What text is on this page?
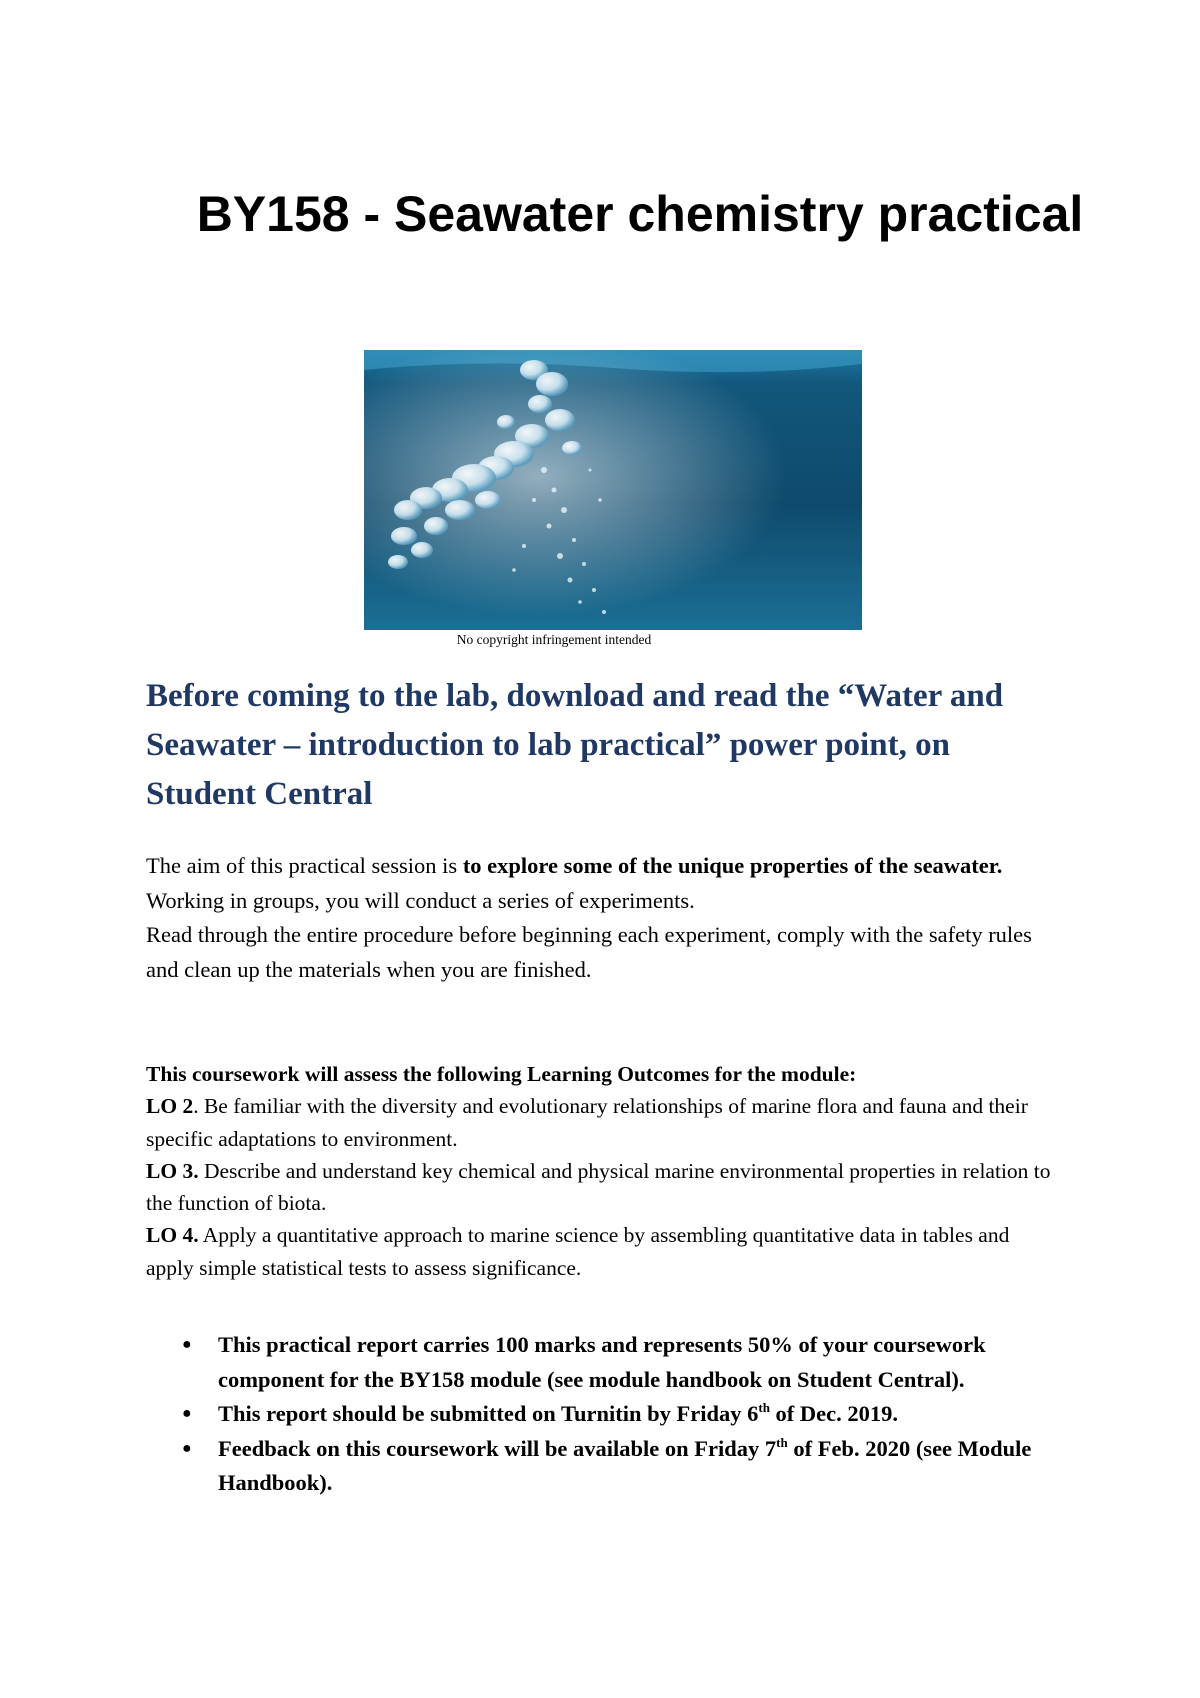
BY158 - Seawater chemistry practical
No copyright infringement intended
Before coming to the lab, download and read the “Water and Seawater – introduction to lab practical” power point, on Student Central

The aim of this practical session is to explore some of the unique properties of the seawater.
Working in groups, you will conduct a series of experiments.
Read through the entire procedure before beginning each experiment, comply with the safety rules and clean up the materials when you are finished.

This coursework will assess the following Learning Outcomes for the module:
LO 2. Be familiar with the diversity and evolutionary relationships of marine flora and fauna and their specific adaptations to environment.
LO 3. Describe and understand key chemical and physical marine environmental properties in relation to the function of biota.
LO 4. Apply a quantitative approach to marine science by assembling quantitative data in tables and apply simple statistical tests to assess significance.
● This practical report carries 100 marks and represents 50% of your coursework component for the BY158 module (see module handbook on Student Central).
● This report should be submitted on Turnitin by Friday 6th of Dec. 2019.
● Feedback on this coursework will be available on Friday 7th of Feb. 2020 (see Module Handbook).
